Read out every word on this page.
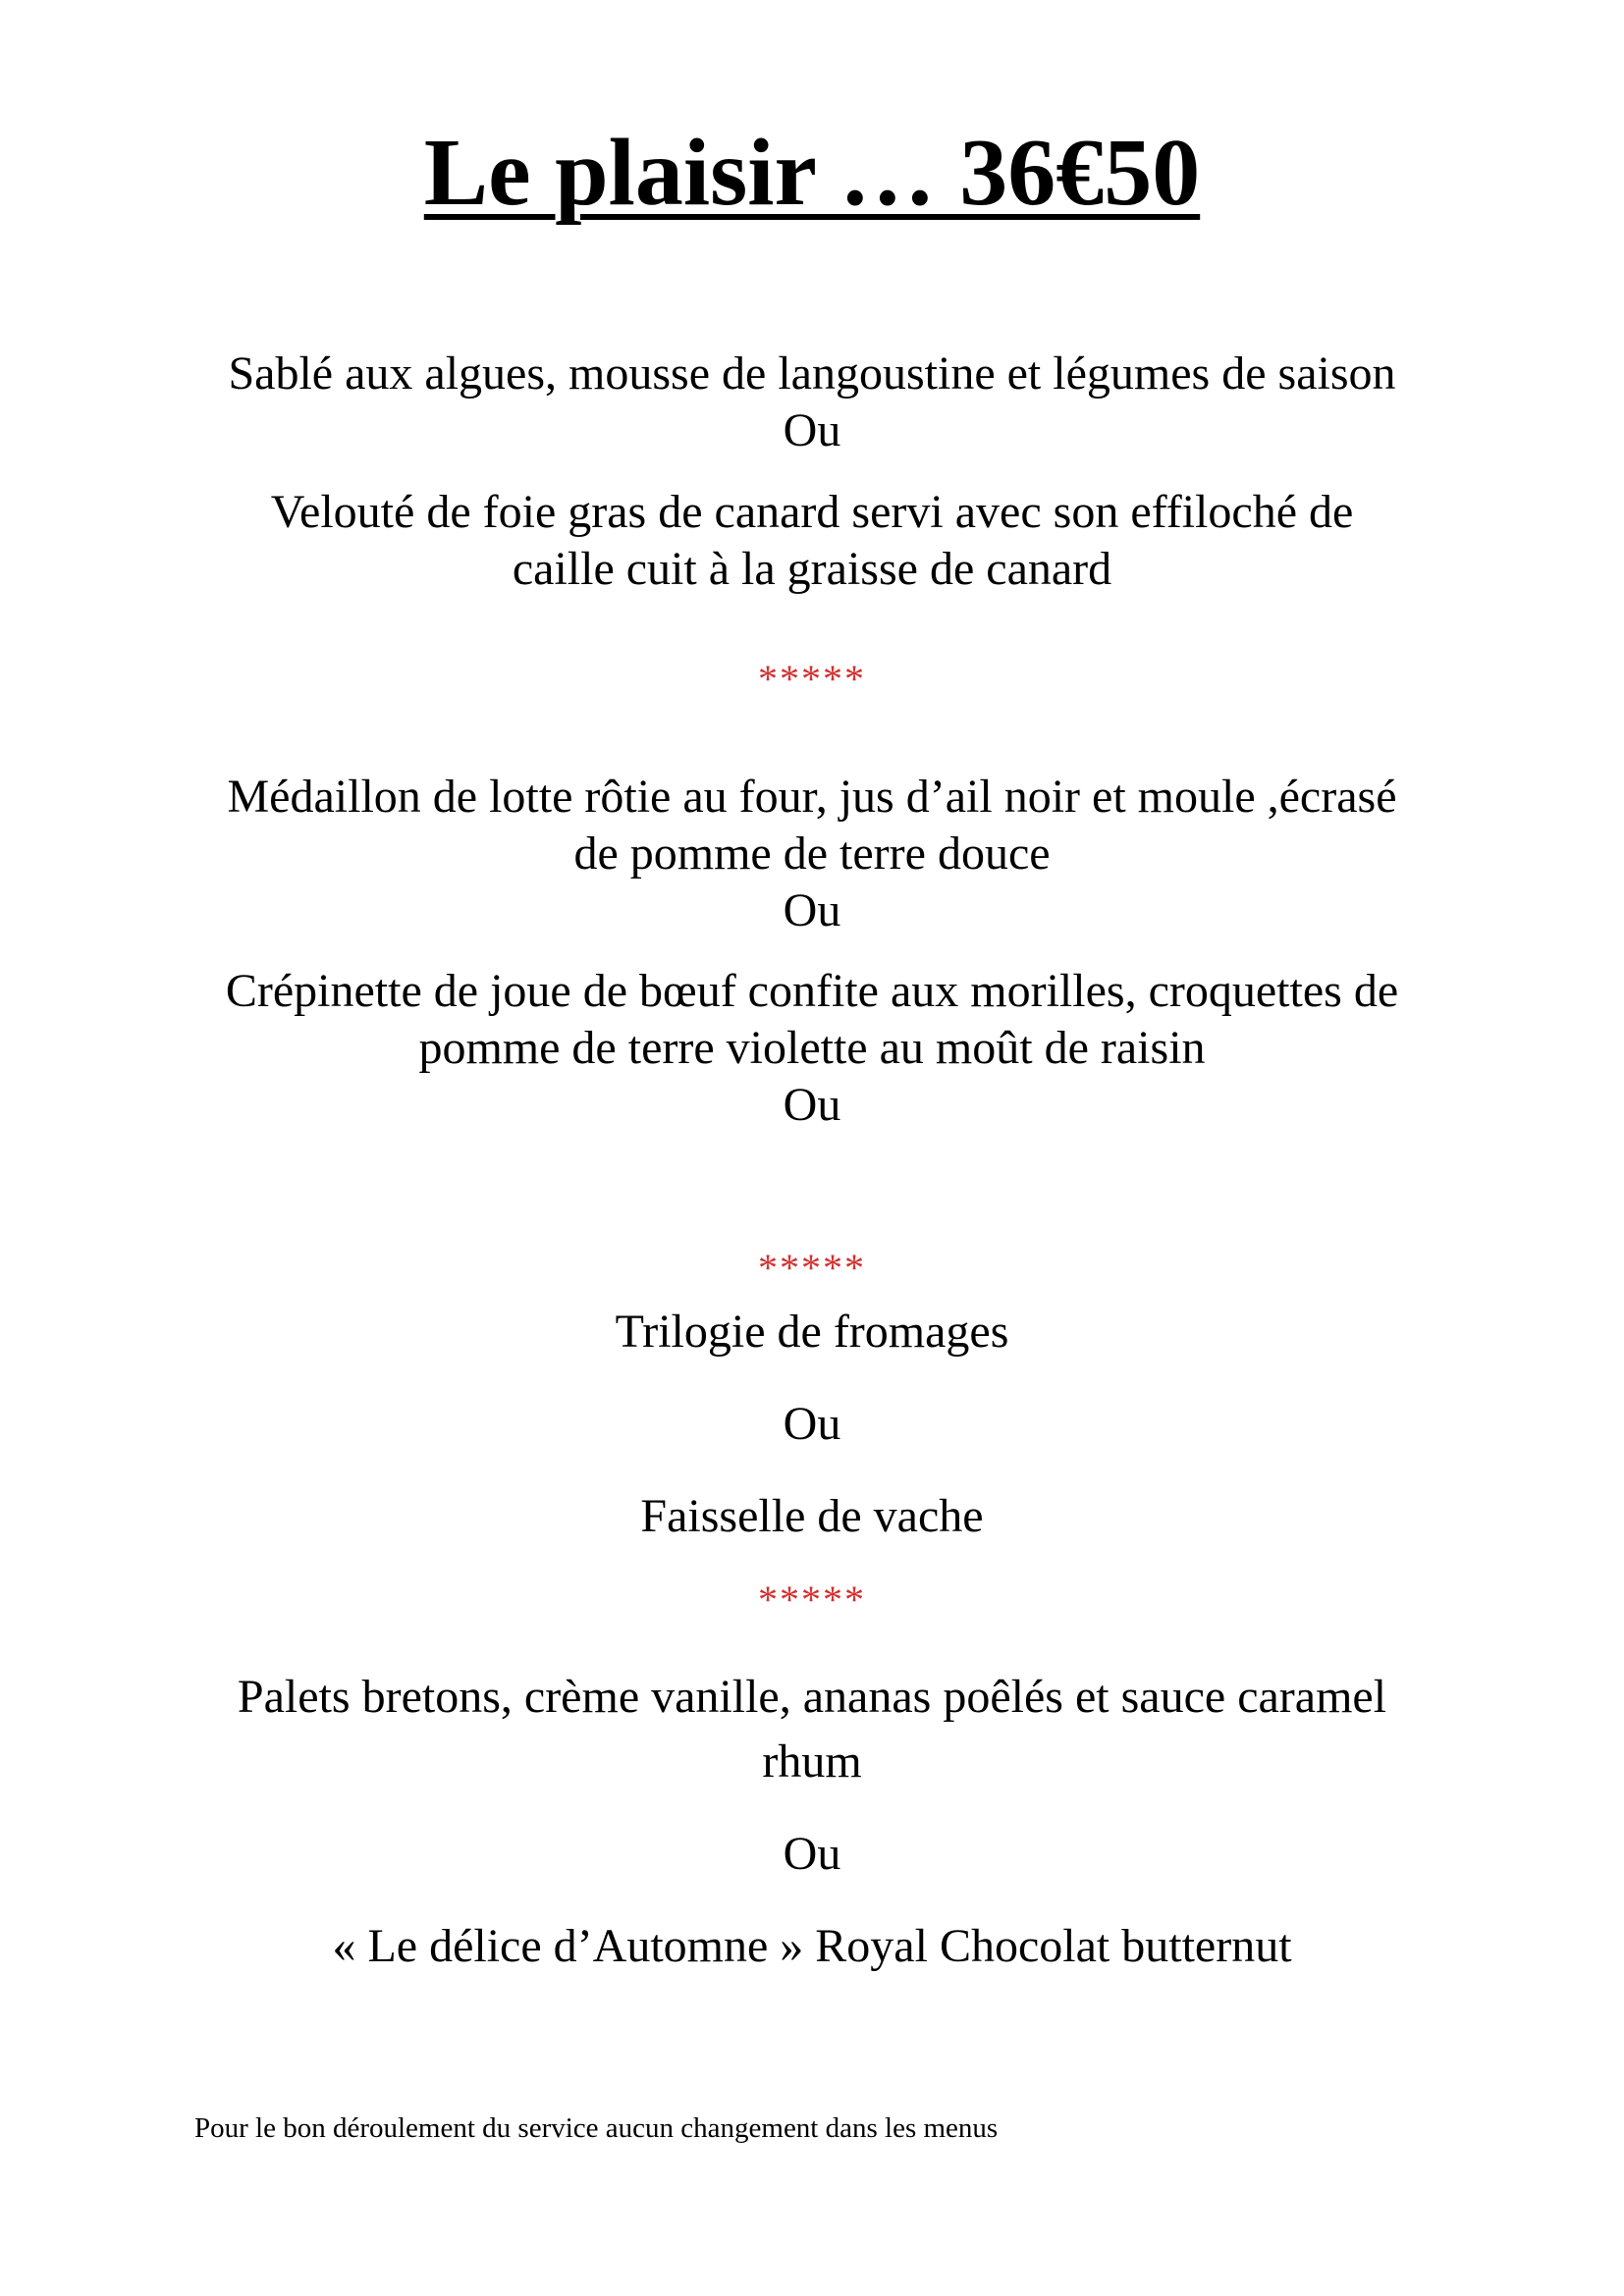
Le plaisir … 36€50

Sablé aux algues, mousse de langoustine et légumes de saison

Ou

Velouté de foie gras de canard servi avec son effiloché de

caille cuit à la graisse de canard

*****

Médaillon de lotte rôtie au four, jus d’ail noir et moule ,écrasé

de pomme de terre douce

Ou

Crépinette de joue de bœuf confite aux morilles, croquettes de

pomme de terre violette au moût de raisin

Ou

*****

Trilogie de fromages

Ou

Faisselle de vache

*****

Palets bretons, crème vanille, ananas poêlés et sauce caramel

rhum

Ou

« Le délice d’Automne » Royal Chocolat butternut

Pour le bon déroulement du service aucun changement dans les menus
